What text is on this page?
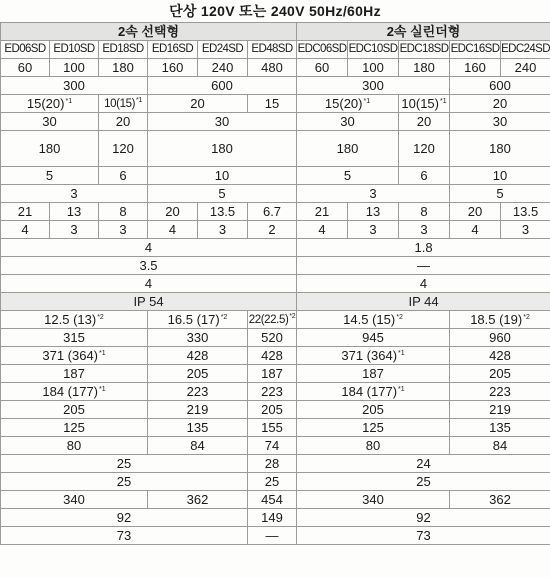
단상 120V 또는 240V 50Hz/60Hz
2속 선택형						2속 실린더형				
ED06SD	ED10SD	ED18SD	ED16SD	ED24SD	ED48SD	EDC06SD	EDC10SD	EDC18SD	EDC16SD	EDC24SD
60	100	180	160	240	480	60	100	180	160	240
300			600			300			600	
$15(20)^{*1}$		$10(15)^{*1}$	20		15	$15(20)^{*1}$		$10(15)^{*1}$	20	
30		20	30			30		20	30	
180		120	180			180		120	180	
5		6	10			5		6	10	
3			5			3			5	
21	13	8	20	13.5	6.7	21	13	8	20	13.5
4	3	3	4	3	2	4	3	3	4	3
4						1.8				
3.5						—				
4						4				
IP 54						IP 44				
12.5 $(13)^{*2}$			16.5 $(17)^{*2}$		$22(22.5)^{*2}$	14.5 $(15)^{*2}$			18.5 $(19)^{*2}$
315			330		520	945			960	
371 $(364)^{*1}$			428		428	371 $(364)^{*1}$			428	
187			205		187	187			205	
184 $(177)^{*1}$			223		223	184 $(177)^{*1}$			223	
205			219		205	205			219	
125			135		155	125			135	
80			84		74	80			84	
25					28	24				
25					25	25				
340			362		454	340			362	
92					149	92				
73					—	73				
